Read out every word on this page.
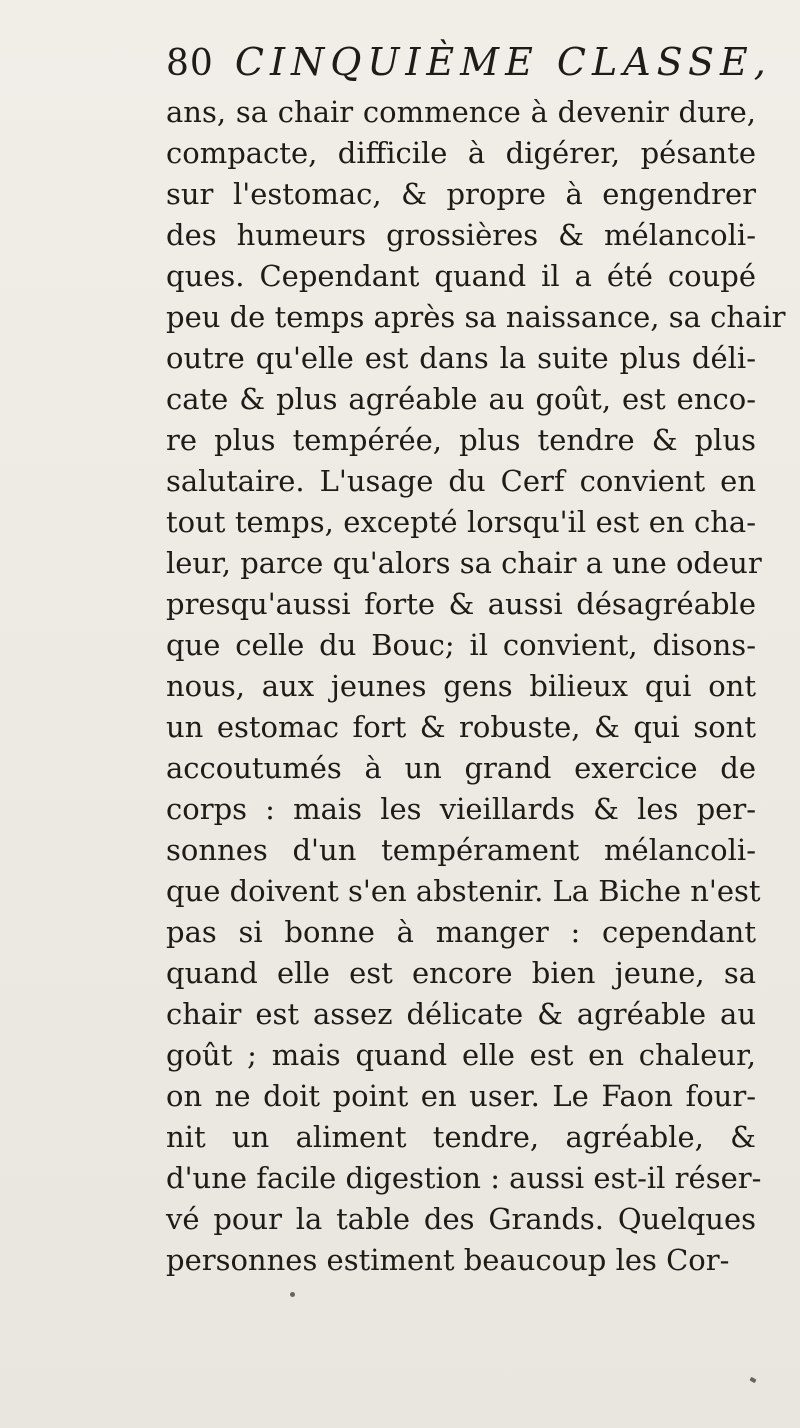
80 CINQUIÈME CLASSE,
ans, sa chair commence à devenir dure,
compacte, difficile à digérer, pésante
sur l'estomac, & propre à engendrer
des humeurs grossières & mélancoli-
ques. Cependant quand il a été coupé
peu de temps après sa naissance, sa chair
outre qu'elle est dans la suite plus déli-
cate & plus agréable au goût, est enco-
re plus tempérée, plus tendre & plus
salutaire. L'usage du Cerf convient en
tout temps, excepté lorsqu'il est en cha-
leur, parce qu'alors sa chair a une odeur
presqu'aussi forte & aussi désagréable
que celle du Bouc; il convient, disons-
nous, aux jeunes gens bilieux qui ont
un estomac fort & robuste, & qui sont
accoutumés à un grand exercice de
corps : mais les vieillards & les per-
sonnes d'un tempérament mélancoli-
que doivent s'en abstenir. La Biche n'est
pas si bonne à manger : cependant
quand elle est encore bien jeune, sa
chair est assez délicate & agréable au
goût ; mais quand elle est en chaleur,
on ne doit point en user. Le Faon four-
nit un aliment tendre, agréable, &
d'une facile digestion : aussi est-il réser-
vé pour la table des Grands. Quelques
personnes estiment beaucoup les Cor-
